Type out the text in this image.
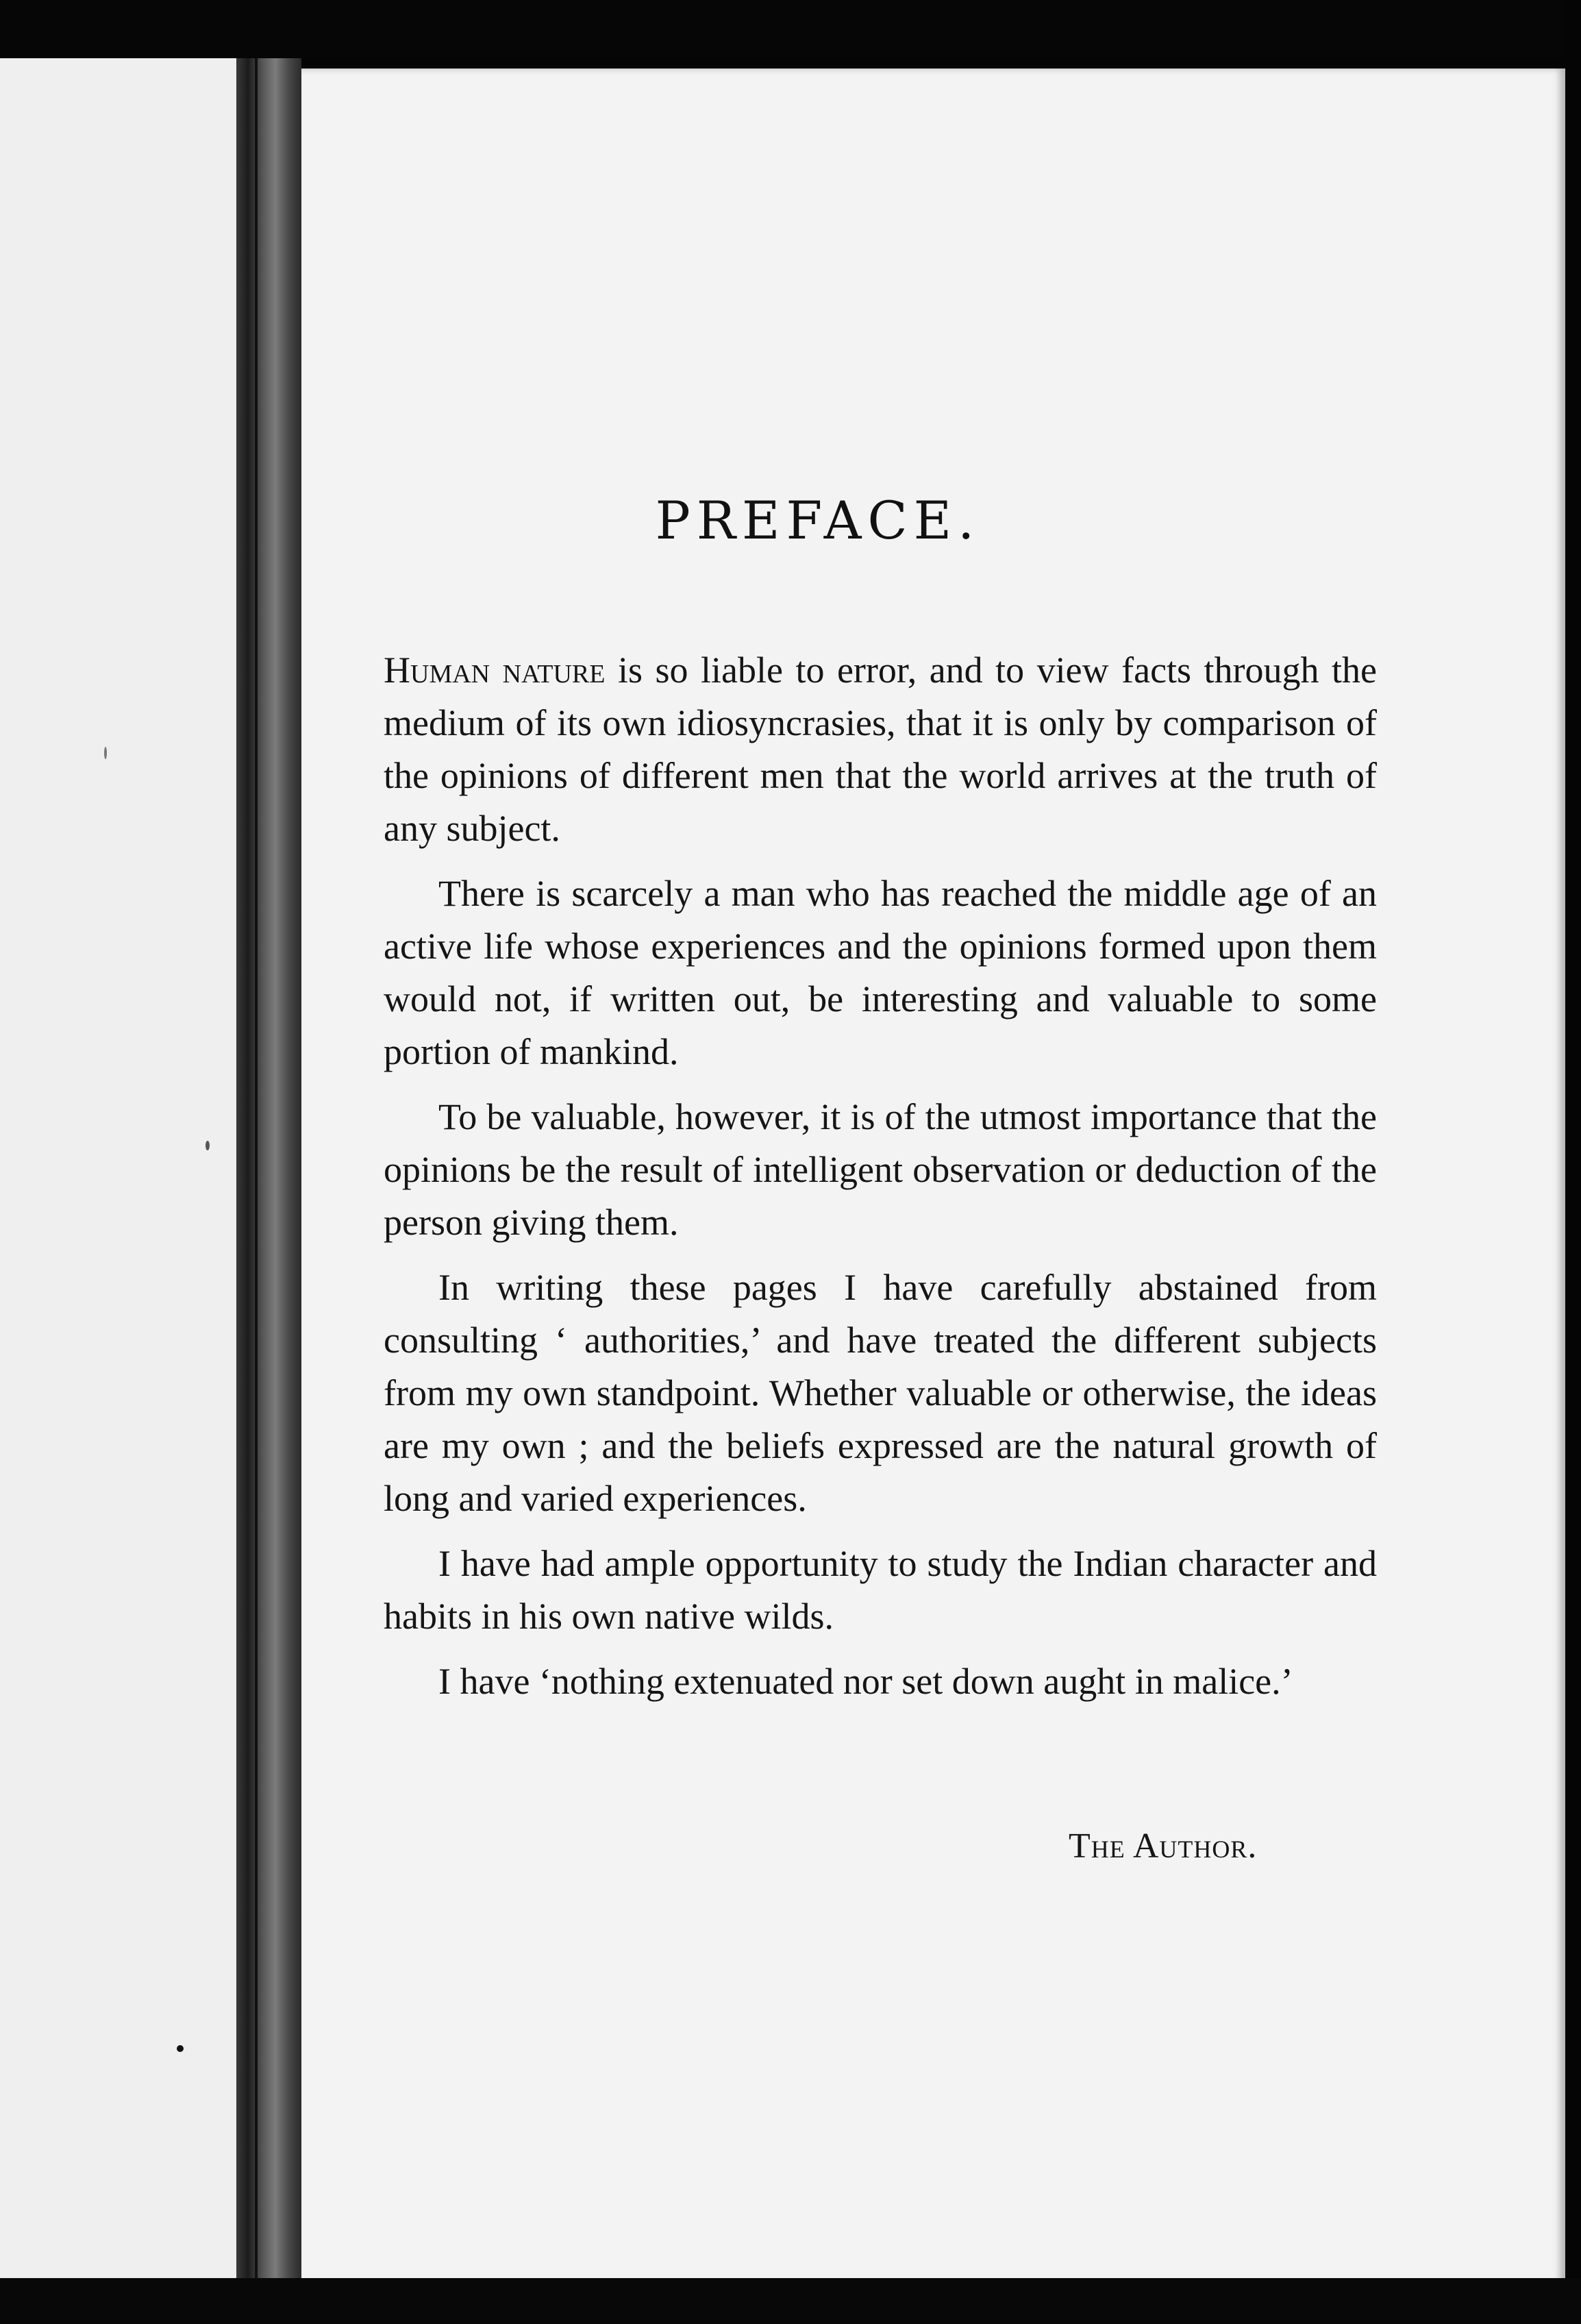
PREFACE.

Human nature is so liable to error, and to view facts through the medium of its own idiosyncrasies, that it is only by comparison of the opinions of different men that the world arrives at the truth of any subject.

There is scarcely a man who has reached the middle age of an active life whose experiences and the opinions formed upon them would not, if written out, be interesting and valuable to some portion of mankind.

To be valuable, however, it is of the utmost importance that the opinions be the result of intelligent observation or deduction of the person giving them.

In writing these pages I have carefully abstained from consulting ‘ authorities,’ and have treated the different subjects from my own standpoint. Whether valuable or otherwise, the ideas are my own ; and the beliefs expressed are the natural growth of long and varied experiences.

I have had ample opportunity to study the Indian character and habits in his own native wilds.

I have ‘nothing extenuated nor set down aught in malice.’

The Author.
